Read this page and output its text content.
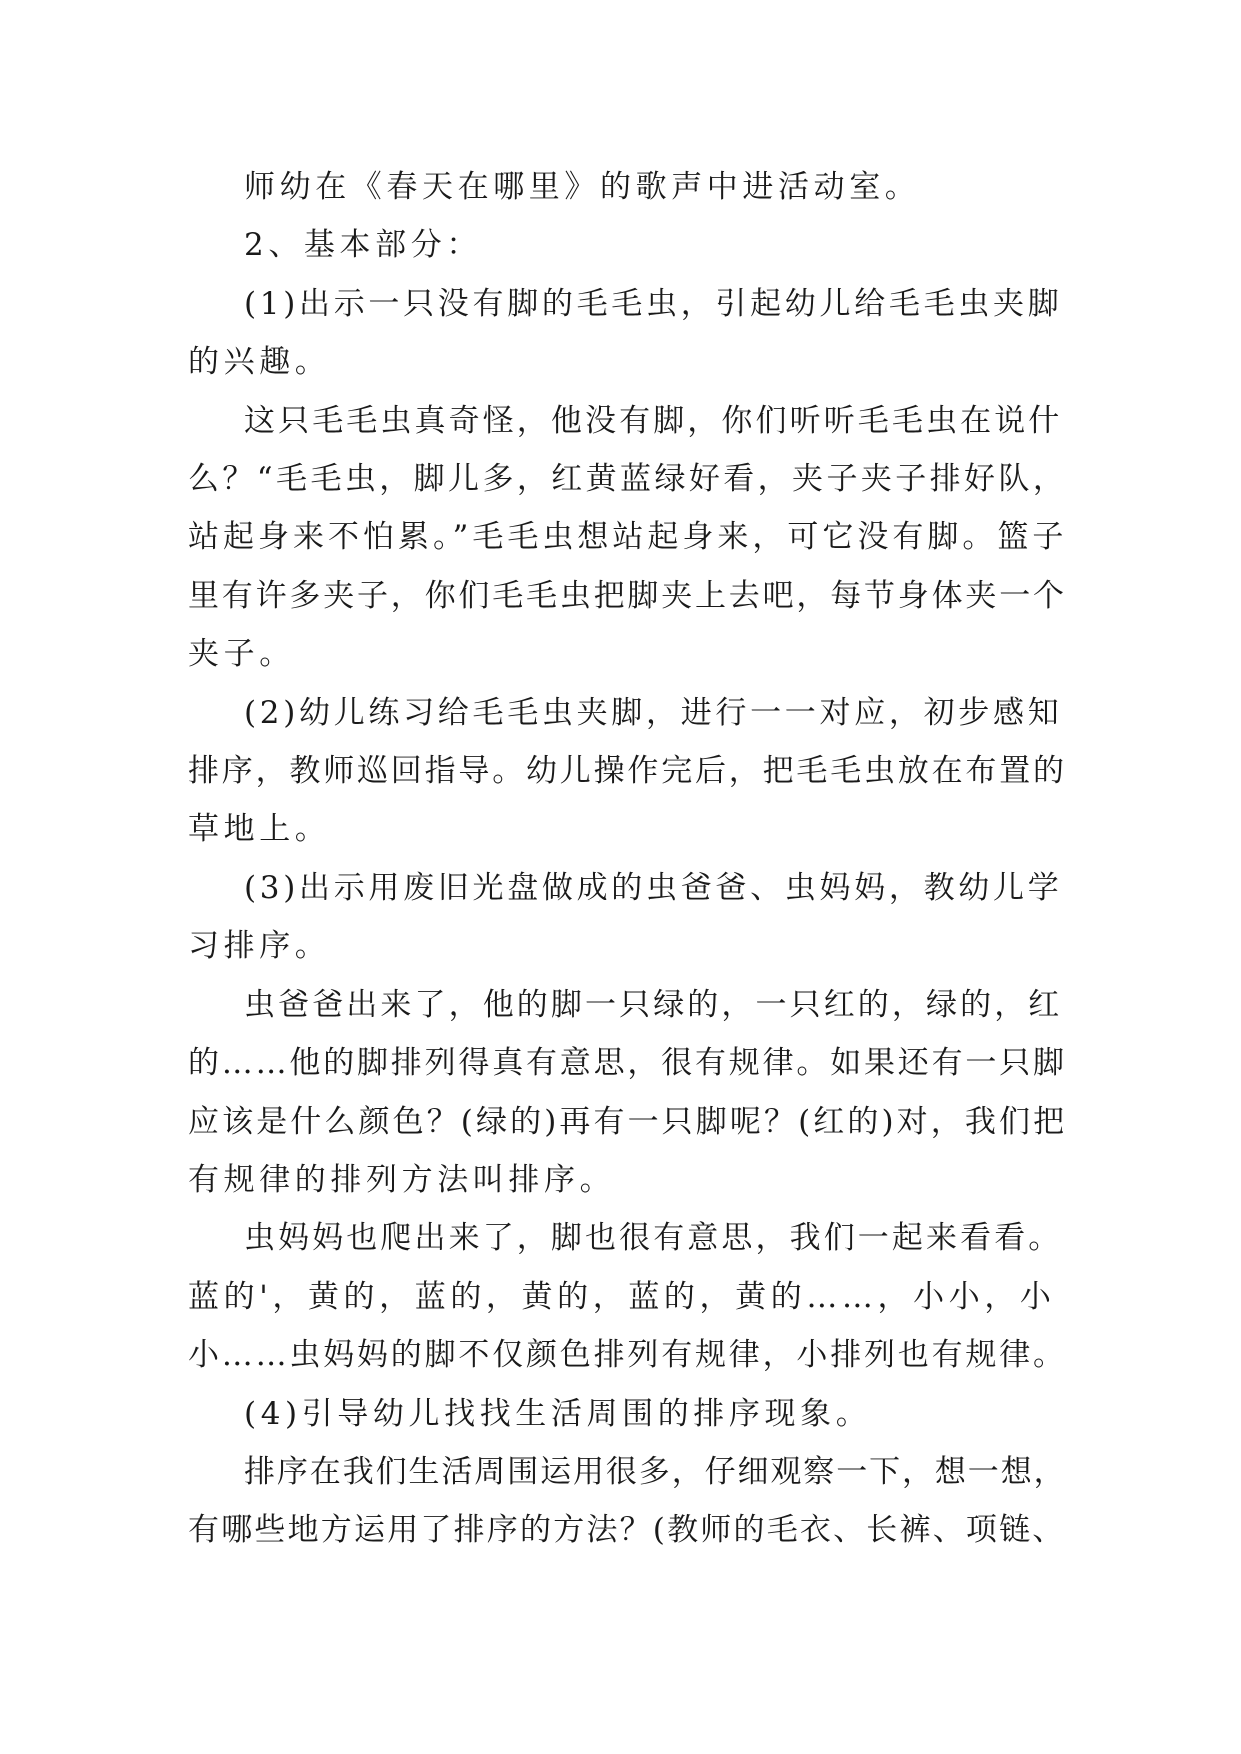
师幼在《春天在哪里》的歌声中进活动室。
2、基本部分：
(1)出示一只没有脚的毛毛虫，引起幼儿给毛毛虫夹脚
的兴趣。
这只毛毛虫真奇怪，他没有脚，你们听听毛毛虫在说什
么？“毛毛虫，脚儿多，红黄蓝绿好看，夹子夹子排好队，
站起身来不怕累。”毛毛虫想站起身来，可它没有脚。篮子
里有许多夹子，你们毛毛虫把脚夹上去吧，每节身体夹一个
夹子。
(2)幼儿练习给毛毛虫夹脚，进行一一对应，初步感知
排序，教师巡回指导。幼儿操作完后，把毛毛虫放在布置的
草地上。
(3)出示用废旧光盘做成的虫爸爸、虫妈妈，教幼儿学
习排序。
虫爸爸出来了，他的脚一只绿的，一只红的，绿的，红
的……他的脚排列得真有意思，很有规律。如果还有一只脚
应该是什么颜色？(绿的)再有一只脚呢？(红的)对，我们把
有规律的排列方法叫排序。
虫妈妈也爬出来了，脚也很有意思，我们一起来看看。
蓝的'，黄的，蓝的，黄的，蓝的，黄的……，小小，小
小……虫妈妈的脚不仅颜色排列有规律，小排列也有规律。
(4)引导幼儿找找生活周围的排序现象。
排序在我们生活周围运用很多，仔细观察一下，想一想，
有哪些地方运用了排序的方法？(教师的毛衣、长裤、项链、
